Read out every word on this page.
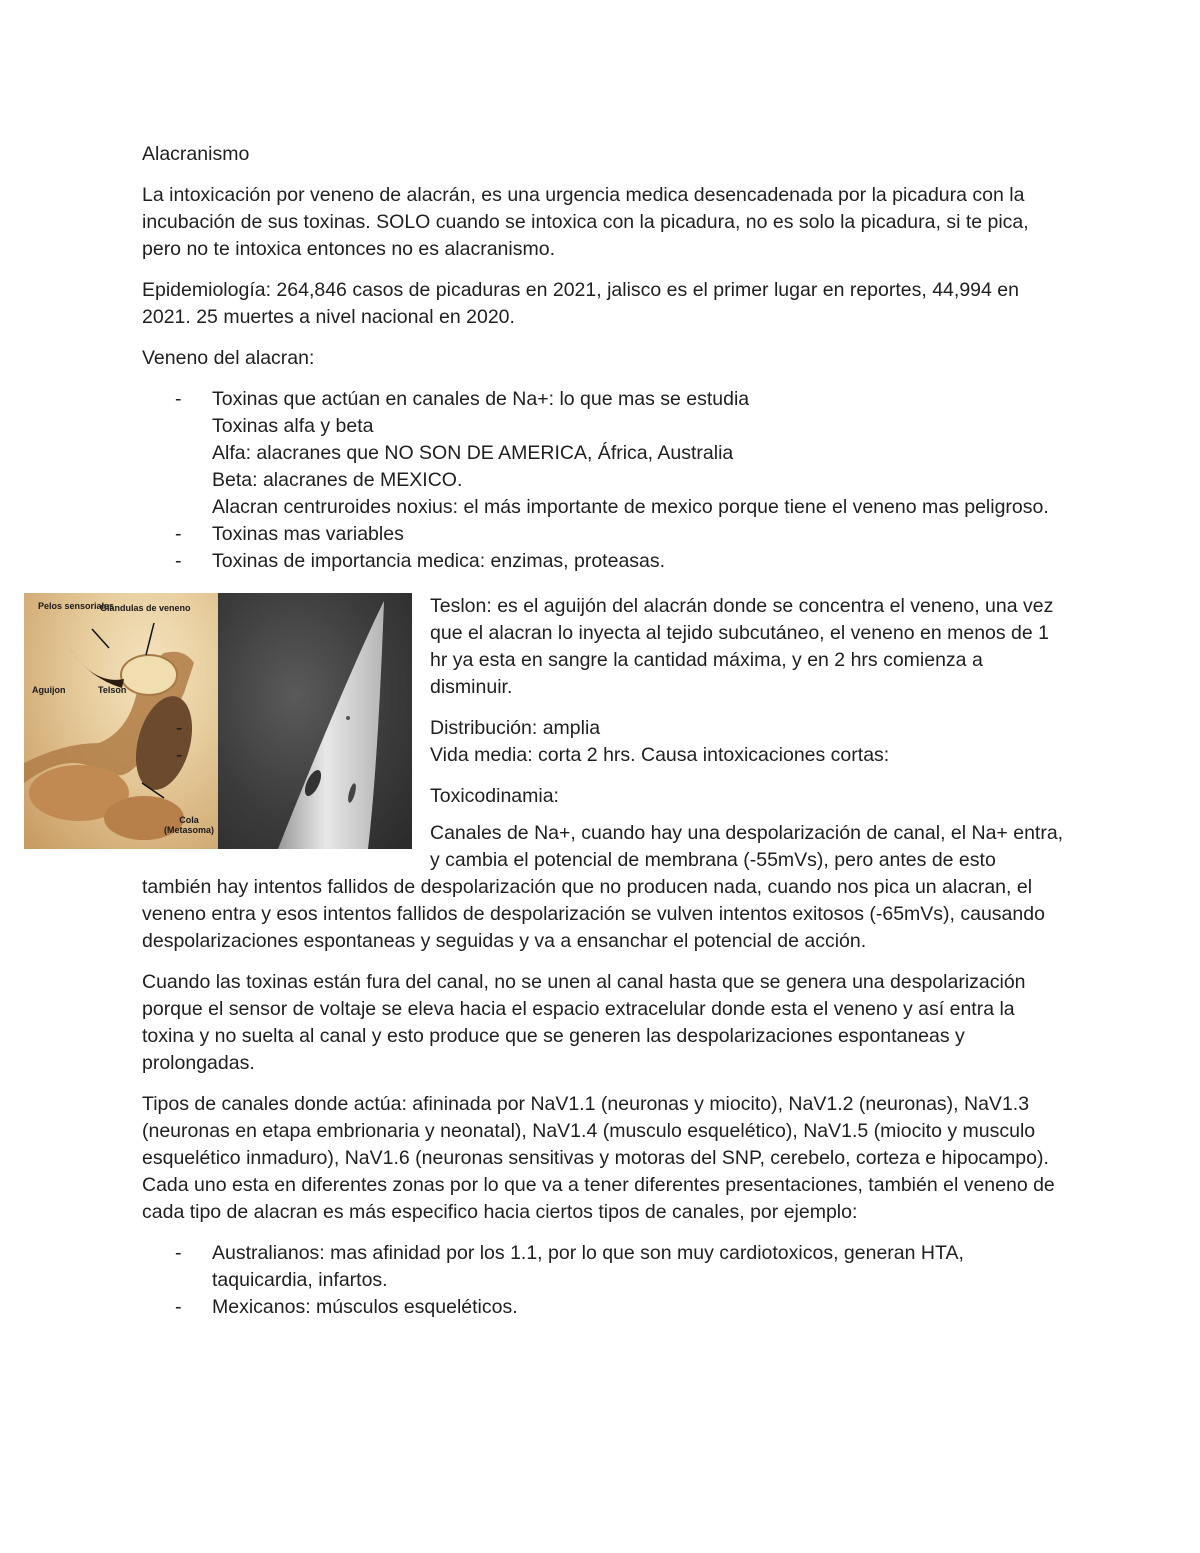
Alacranismo

La intoxicación por veneno de alacrán, es una urgencia medica desencadenada por la picadura con la incubación de sus toxinas. SOLO cuando se intoxica con la picadura, no es solo la picadura, si te pica, pero no te intoxica entonces no es alacranismo.

Epidemiología: 264,846 casos de picaduras en 2021, jalisco es el primer lugar en reportes, 44,994 en 2021. 25 muertes a nivel nacional en 2020.

Veneno del alacran:

- Toxinas que actúan en canales de Na+: lo que mas se estudia
Toxinas alfa y beta
Alfa: alacranes que NO SON DE AMERICA, África, Australia
Beta: alacranes de MEXICO.
Alacran centruroides noxius: el más importante de mexico porque tiene el veneno mas peligroso.
- Toxinas mas variables
- Toxinas de importancia medica: enzimas, proteasas.
Pelos sensoriales
Glándulas de veneno
Aguijon	Telson
Cola (Metasoma)

Teslon: es el aguijón del alacrán donde se concentra el veneno, una vez que el alacran lo inyecta al tejido subcutáneo, el veneno en menos de 1 hr ya esta en sangre la cantidad máxima, y en 2 hrs comienza a disminuir.

- Distribución: amplia
- Vida media: corta 2 hrs. Causa intoxicaciones cortas:

Toxicodinamia:

Canales de Na+, cuando hay una despolarización de canal, el Na+ entra, y cambia el potencial de membrana (-55mVs), pero antes de esto también hay intentos fallidos de despolarización que no producen nada, cuando nos pica un alacran, el veneno entra y esos intentos fallidos de despolarización se vulven intentos exitosos (-65mVs), causando despolarizaciones espontaneas y seguidas y va a ensanchar el potencial de acción.

Cuando las toxinas están fura del canal, no se unen al canal hasta que se genera una despolarización porque el sensor de voltaje se eleva hacia el espacio extracelular donde esta el veneno y así entra la toxina y no suelta al canal y esto produce que se generen las despolarizaciones espontaneas y prolongadas.

Tipos de canales donde actúa: afininada por NaV1.1 (neuronas y miocito), NaV1.2 (neuronas), NaV1.3 (neuronas en etapa embrionaria y neonatal), NaV1.4 (musculo esquelético), NaV1.5 (miocito y musculo esquelético inmaduro), NaV1.6 (neuronas sensitivas y motoras del SNP, cerebelo, corteza e hipocampo). Cada uno esta en diferentes zonas por lo que va a tener diferentes presentaciones, también el veneno de cada tipo de alacran es más especifico hacia ciertos tipos de canales, por ejemplo:

- Australianos: mas afinidad por los 1.1, por lo que son muy cardiotoxicos, generan HTA, taquicardia, infartos.
- Mexicanos: músculos esqueléticos.
